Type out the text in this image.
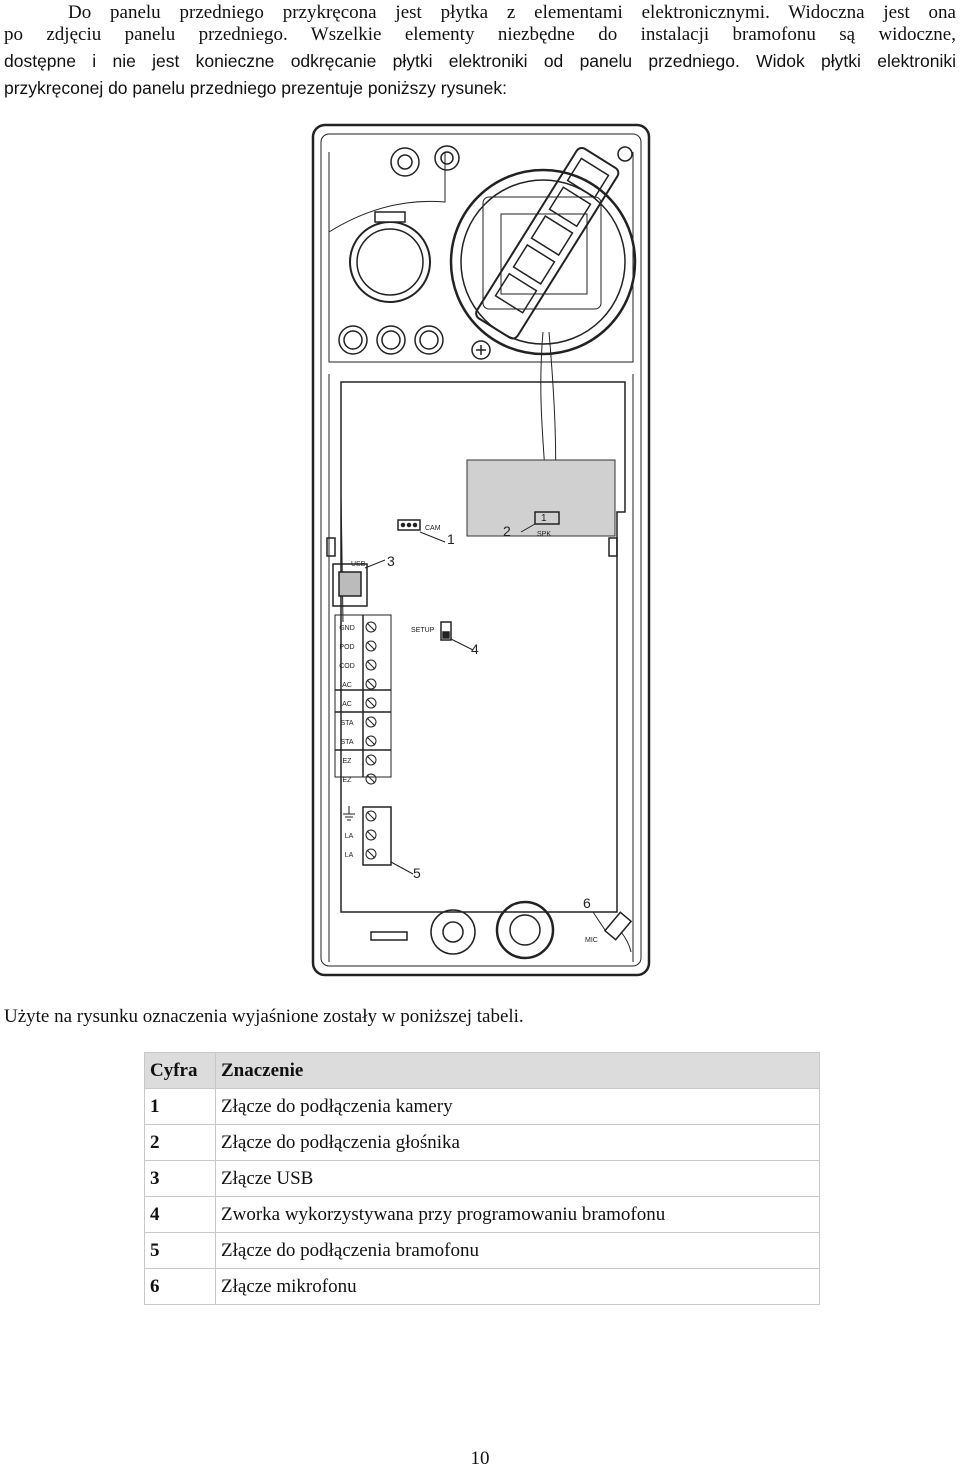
Do panelu przedniego przykręcona jest płytka z elementami elektronicznymi. Widoczna jest ona

po zdjęciu panelu przedniego. Wszelkie elementy niezbędne do instalacji bramofonu są widoczne,

dostępne i nie jest konieczne odkręcanie płytki elektroniki od panelu przedniego. Widok płytki elektroniki

przykręconej do panelu przedniego prezentuje poniższy rysunek:

CAM
SPK
1
USB
SETUP
MIC
GND
POD
COD
AC
AC
STA
STA
EZ
EZ
LA
LA
1	2
3
4
5
6
Użyte na rysunku oznaczenia wyjaśnione zostały w poniższej tabeli.
Cyfra	Znaczenie
1	Złącze do podłączenia kamery
2	Złącze do podłączenia głośnika
3	Złącze USB
4	Zworka wykorzystywana przy programowaniu bramofonu
5	Złącze do podłączenia bramofonu
6	Złącze mikrofonu
10
